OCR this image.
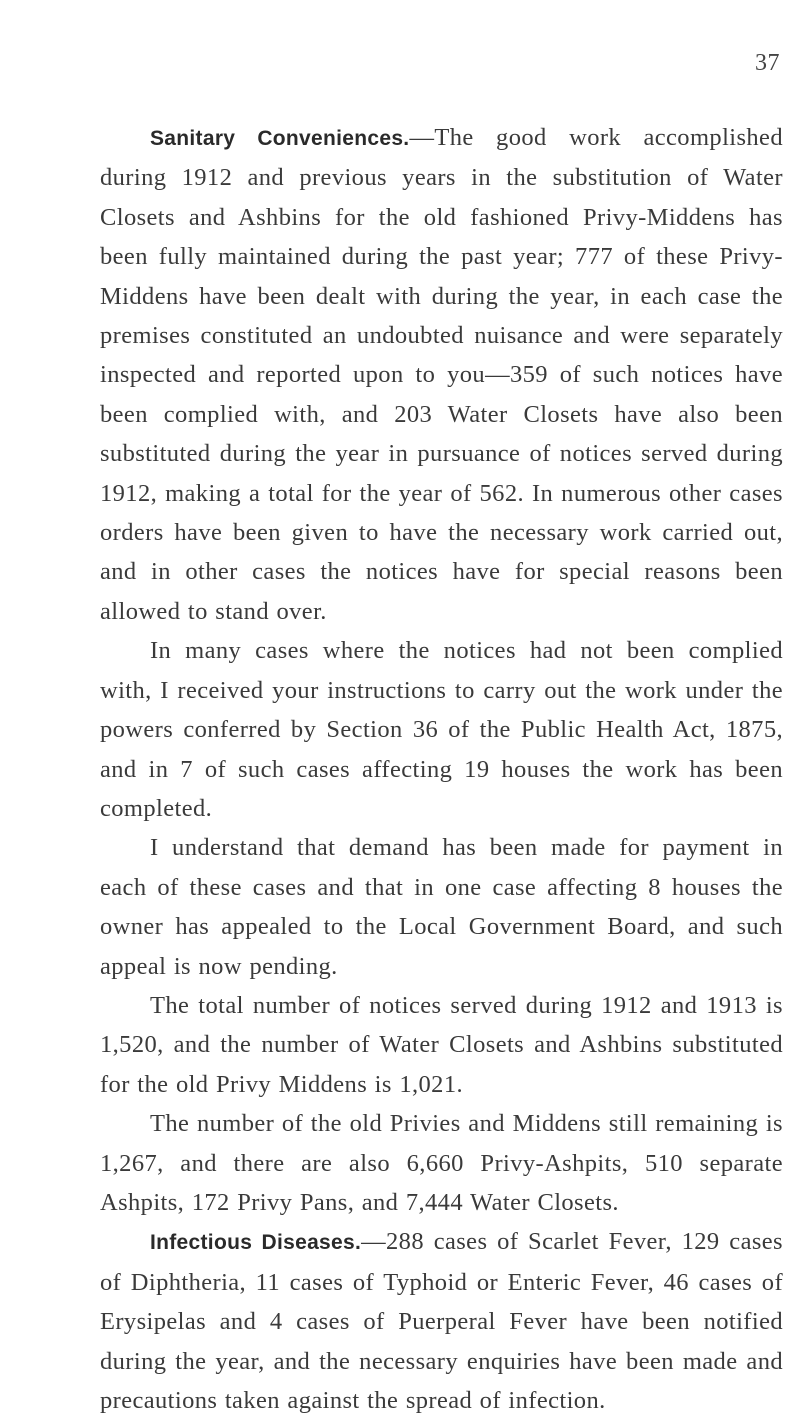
37

Sanitary Conveniences.—The good work accomplished during 1912 and previous years in the substitution of Water Closets and Ashbins for the old fashioned Privy-Middens has been fully maintained during the past year; 777 of these Privy-Middens have been dealt with during the year, in each case the premises constituted an undoubted nuisance and were separately inspected and reported upon to you—359 of such notices have been complied with, and 203 Water Closets have also been substituted during the year in pursuance of notices served during 1912, making a total for the year of 562. In numerous other cases orders have been given to have the necessary work carried out, and in other cases the notices have for special reasons been allowed to stand over.

In many cases where the notices had not been complied with, I received your instructions to carry out the work under the powers conferred by Section 36 of the Public Health Act, 1875, and in 7 of such cases affecting 19 houses the work has been completed.

I understand that demand has been made for payment in each of these cases and that in one case affecting 8 houses the owner has appealed to the Local Government Board, and such appeal is now pending.

The total number of notices served during 1912 and 1913 is 1,520, and the number of Water Closets and Ashbins substituted for the old Privy Middens is 1,021.

The number of the old Privies and Middens still remaining is 1,267, and there are also 6,660 Privy-Ashpits, 510 separate Ashpits, 172 Privy Pans, and 7,444 Water Closets.

Infectious Diseases.—288 cases of Scarlet Fever, 129 cases of Diphtheria, 11 cases of Typhoid or Enteric Fever, 46 cases of Erysipelas and 4 cases of Puerperal Fever have been notified during the year, and the necessary enquiries have been made and precautions taken against the spread of infection.
